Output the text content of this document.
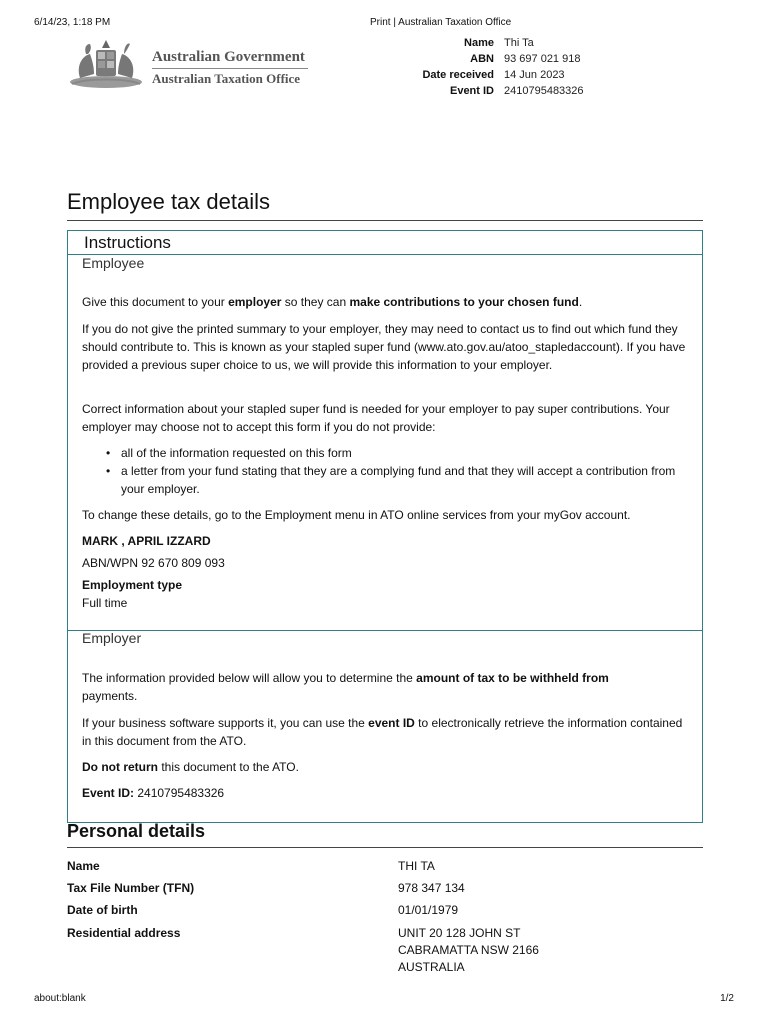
6/14/23, 1:18 PM	Print | Australian Taxation Office
Australian Government
Australian Taxation Office
Name Thi Ta
ABN 93 697 021 918
Date received 14 Jun 2023
Event ID 2410795483326
Employee tax details
Instructions
Employee

Give this document to your employer so they can make contributions to your chosen fund.

If you do not give the printed summary to your employer, they may need to contact us to find out which fund they should contribute to. This is known as your stapled super fund (www.ato.gov.au/atoo_stapledaccount). If you have provided a previous super choice to us, we will provide this information to your employer.

Correct information about your stapled super fund is needed for your employer to pay super contributions. Your employer may choose not to accept this form if you do not provide:

• all of the information requested on this form
• a letter from your fund stating that they are a complying fund and that they will accept a contribution from your employer.

To change these details, go to the Employment menu in ATO online services from your myGov account.

MARK , APRIL IZZARD

ABN/WPN 92 670 809 093

Employment type

Full time

Employer

The information provided below will allow you to determine the amount of tax to be withheld from
payments.

If your business software supports it, you can use the event ID to electronically retrieve the information contained in this document from the ATO.

Do not return this document to the ATO.

Event ID: 2410795483326

Personal details
Name	THI TA
Tax File Number (TFN)	978 347 134
Date of birth	01/01/1979
Residential address	UNIT 20 128 JOHN ST
CABRAMATTA NSW 2166
AUSTRALIA
about:blank	1/2
